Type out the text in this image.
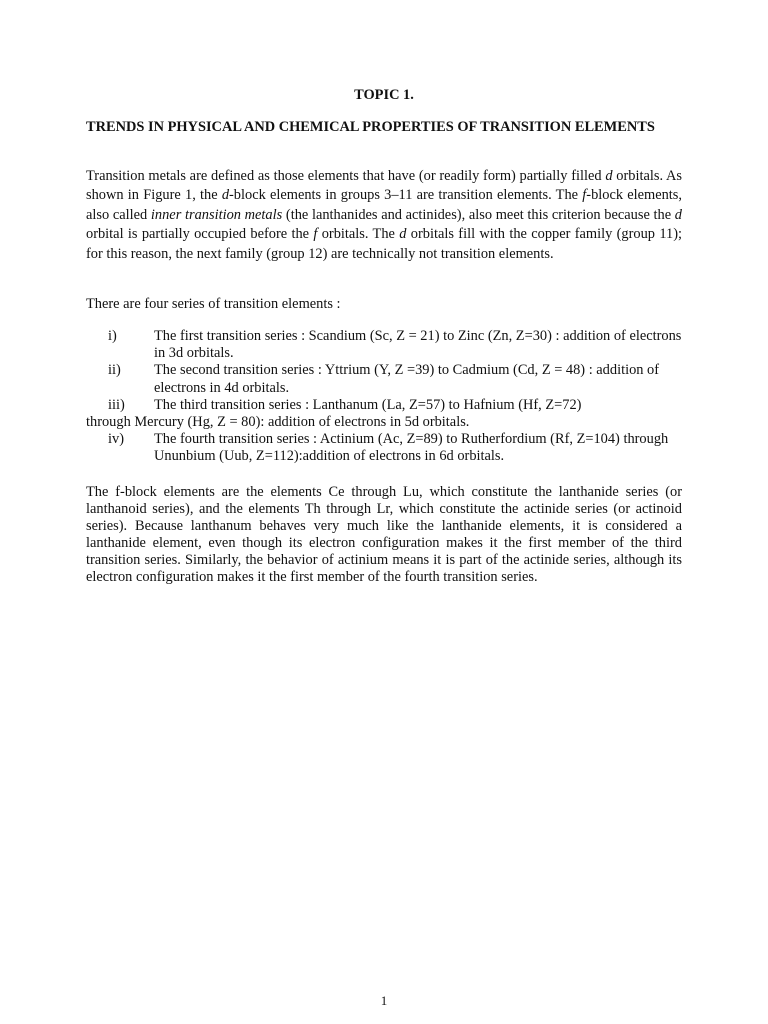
TOPIC 1.
TRENDS IN PHYSICAL AND CHEMICAL PROPERTIES OF TRANSITION ELEMENTS
Transition metals are defined as those elements that have (or readily form) partially filled d orbitals. As shown in Figure 1, the d-block elements in groups 3–11 are transition elements. The f-block elements, also called inner transition metals (the lanthanides and actinides), also meet this criterion because the d orbital is partially occupied before the f orbitals. The d orbitals fill with the copper family (group 11); for this reason, the next family (group 12) are technically not transition elements.
There are four series of transition elements :
i)	The first transition series : Scandium (Sc, Z = 21) to Zinc (Zn, Z=30) : addition of electrons in 3d orbitals.
ii) The second transition series : Yttrium (Y, Z =39) to Cadmium (Cd, Z = 48) : addition of electrons in 4d orbitals.
iii) The third transition series : Lanthanum (La, Z=57) to Hafnium (Hf, Z=72)
through Mercury (Hg, Z = 80): addition of electrons in 5d orbitals.
iv) The fourth transition series : Actinium (Ac, Z=89) to Rutherfordium (Rf, Z=104) through Ununbium (Uub, Z=112):addition of electrons in 6d orbitals.
The f-block elements are the elements Ce through Lu, which constitute the lanthanide series (or lanthanoid series), and the elements Th through Lr, which constitute the actinide series (or actinoid series). Because lanthanum behaves very much like the lanthanide elements, it is considered a lanthanide element, even though its electron configuration makes it the first member of the third transition series. Similarly, the behavior of actinium means it is part of the actinide series, although its electron configuration makes it the first member of the fourth transition series.
1
